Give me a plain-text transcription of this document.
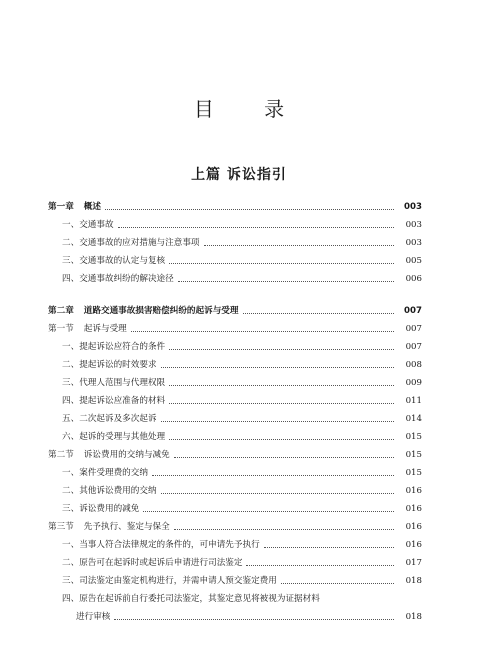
目 录
上篇 诉讼指引
第一章 概述	003
一、交通事故	003
二、交通事故的应对措施与注意事项	003
三、交通事故的认定与复核	005
四、交通事故纠纷的解决途径	006
第二章 道路交通事故损害赔偿纠纷的起诉与受理	007
第一节 起诉与受理	007
一、提起诉讼应符合的条件	007
二、提起诉讼的时效要求	008
三、代理人范围与代理权限	009
四、提起诉讼应准备的材料	011
五、二次起诉及多次起诉	014
六、起诉的受理与其他处理	015
第二节 诉讼费用的交纳与减免	015
一、案件受理费的交纳	015
二、其他诉讼费用的交纳	016
三、诉讼费用的减免	016
第三节 先予执行、鉴定与保全	016
一、当事人符合法律规定的条件的，可申请先予执行	016
二、原告可在起诉时或起诉后申请进行司法鉴定	017
三、司法鉴定由鉴定机构进行，并需申请人预交鉴定费用	018
四、原告在起诉前自行委托司法鉴定，其鉴定意见将被视为证据材料
进行审核	018
